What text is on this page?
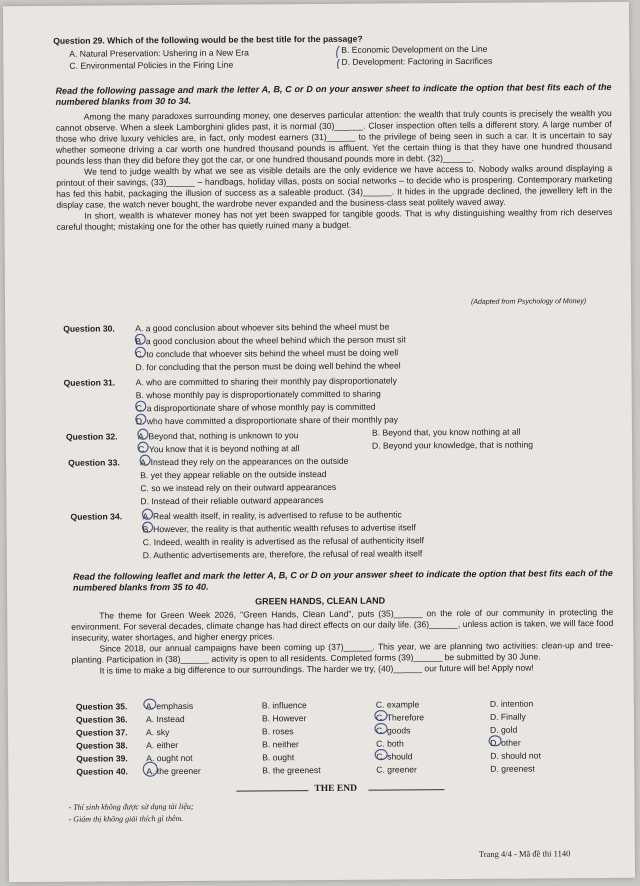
Question 29. Which of the following would be the best title for the passage?
A. Natural Preservation: Ushering in a New Era	B. Economic Development on the Line
C. Environmental Policies in the Firing Line	D. Development: Factoring in Sacrifices
Read the following passage and mark the letter A, B, C or D on your answer sheet to indicate the option that best fits each of the numbered blanks from 30 to 34.

Among the many paradoxes surrounding money, one deserves particular attention: the wealth that truly counts is precisely the wealth you cannot observe. When a sleek Lamborghini glides past, it is normal (30)______. Closer inspection often tells a different story. A large number of those who drive luxury vehicles are, in fact, only modest earners (31)______ to the privilege of being seen in such a car. It is uncertain to say whether someone driving a car worth one hundred thousand pounds is affluent. Yet the certain thing is that they have one hundred thousand pounds less than they did before they got the car, or one hundred thousand pounds more in debt. (32)______.

We tend to judge wealth by what we see as visible details are the only evidence we have access to. Nobody walks around displaying a printout of their savings, (33)______ – handbags, holiday villas, posts on social networks – to decide who is prospering. Contemporary marketing has fed this habit, packaging the illusion of success as a saleable product. (34)______. It hides in the upgrade declined, the jewellery left in the display case, the watch never bought, the wardrobe never expanded and the business-class seat politely waved away.

In short, wealth is whatever money has not yet been swapped for tangible goods. That is why distinguishing wealthy from rich deserves careful thought; mistaking one for the other has quietly ruined many a budget.

(Adapted from Psychology of Money)
Question 30. A. a good conclusion about whoever sits behind the wheel must be
B. a good conclusion about the wheel behind which the person must sit
C. to conclude that whoever sits behind the wheel must be doing well
D. for concluding that the person must be doing well behind the wheel
Question 31. A. who are committed to sharing their monthly pay disproportionately
B. whose monthly pay is disproportionately committed to sharing
C. a disproportionate share of whose monthly pay is committed
D. who have committed a disproportionate share of their monthly pay
Question 32. A. Beyond that, nothing is unknown to you	B. Beyond that, you know nothing at all
C. You know that it is beyond nothing at all	D. Beyond your knowledge, that is nothing
Question 33. A. Instead they rely on the appearances on the outside
B. yet they appear reliable on the outside instead
C. so we instead rely on their outward appearances
D. Instead of their reliable outward appearances
Question 34. A. Real wealth itself, in reality, is advertised to refuse to be authentic
B. However, the reality is that authentic wealth refuses to advertise itself
C. Indeed, wealth in reality is advertised as the refusal of authenticity itself
D. Authentic advertisements are, therefore, the refusal of real wealth itself
Read the following leaflet and mark the letter A, B, C or D on your answer sheet to indicate the option that best fits each of the numbered blanks from 35 to 40.
GREEN HANDS, CLEAN LAND

The theme for Green Week 2026, "Green Hands, Clean Land", puts (35)______ on the role of our community in protecting the environment. For several decades, climate change has had direct effects on our daily life. (36)______, unless action is taken, we will face food insecurity, water shortages, and higher energy prices.

Since 2018, our annual campaigns have been coming up (37)______. This year, we are planning two activities: clean-up and tree-planting. Participation in (38)______ activity is open to all residents. Completed forms (39)______ be submitted by 30 June.

It is time to make a big difference to our surroundings. The harder we try, (40)______ our future will be! Apply now!

Question 35. A. emphasis	B. influence	C. example	D. intention
Question 36. A. Instead	B. However	C. Therefore	D. Finally
Question 37. A. sky	B. roses	C. goods	D. gold
Question 38. A. either	B. neither	C. both	D. other
Question 39. A. ought not	B. ought	C. should	D. should not
Question 40. A. the greener	B. the greenest	C. greener	D. greenest
THE END
- Thí sinh không được sử dụng tài liệu;
- Giám thị không giải thích gì thêm.
Trang 4/4 - Mã đề thi 1140
